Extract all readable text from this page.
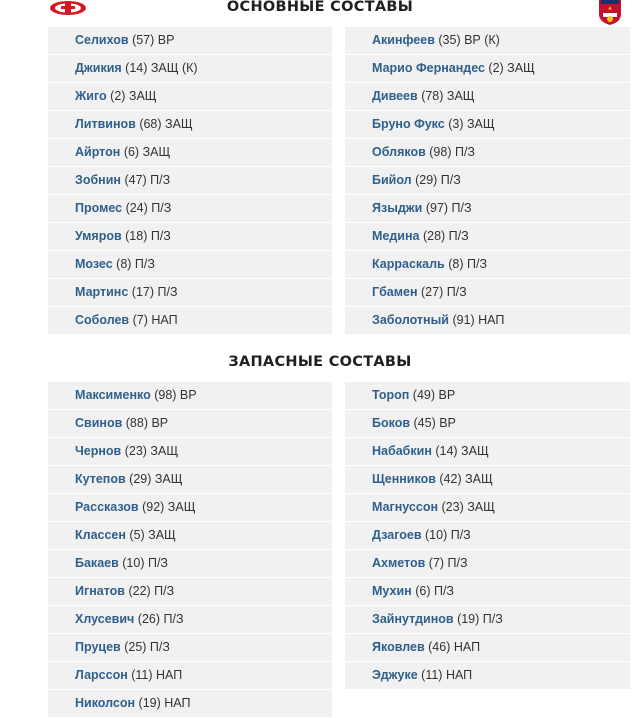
ОСНОВНЫЕ СОСТАВЫ
ЗАПАСНЫЕ СОСТАВЫ
Селихов (57) ВР
Джикия (14) ЗАЩ (К)
Жиго (2) ЗАЩ
Литвинов (68) ЗАЩ
Айртон (6) ЗАЩ
Зобнин (47) П/З
Промес (24) П/З
Умяров (18) П/З
Мозес (8) П/З
Мартинс (17) П/З
Соболев (7) НАП
Акинфеев (35) ВР (К)
Марио Фернандес (2) ЗАЩ
Дивеев (78) ЗАЩ
Бруно Фукс (3) ЗАЩ
Обляков (98) П/З
Бийол (29) П/З
Языджи (97) П/З
Медина (28) П/З
Карраскаль (8) П/З
Гбамен (27) П/З
Заболотный (91) НАП
Максименко (98) ВР
Свинов (88) ВР
Чернов (23) ЗАЩ
Кутепов (29) ЗАЩ
Рассказов (92) ЗАЩ
Классен (5) ЗАЩ
Бакаев (10) П/З
Игнатов (22) П/З
Хлусевич (26) П/З
Пруцев (25) П/З
Ларссон (11) НАП
Николсон (19) НАП
Тороп (49) ВР
Боков (45) ВР
Набабкин (14) ЗАЩ
Щенников (42) ЗАЩ
Магнуссон (23) ЗАЩ
Дзагоев (10) П/З
Ахметов (7) П/З
Мухин (6) П/З
Зайнутдинов (19) П/З
Яковлев (46) НАП
Эджуке (11) НАП
